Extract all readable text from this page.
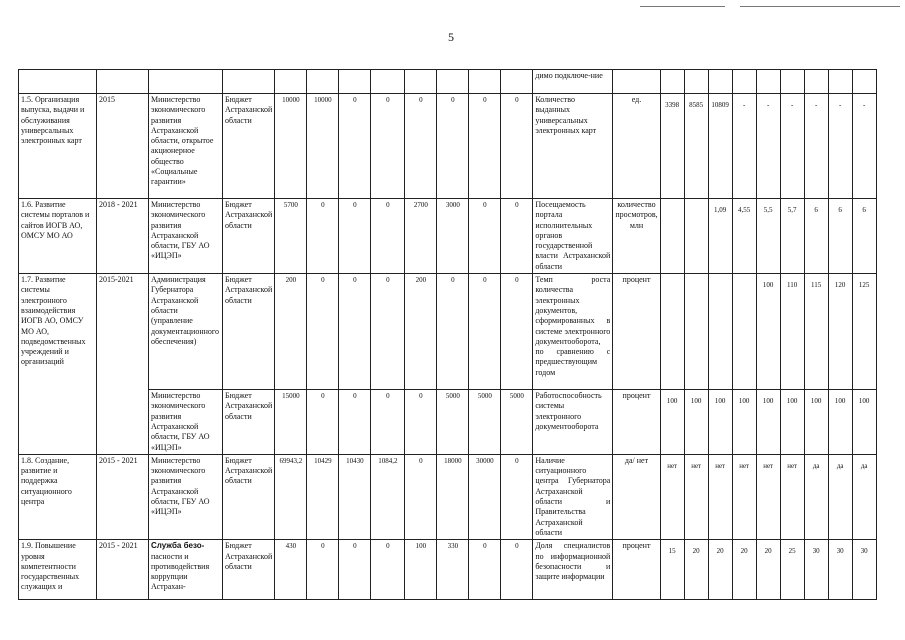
5
												димо подключе-ние										
1.5. Организация выпуска, выдачи и обслуживания универсальных электронных карт	2015	Министерство экономического развития Астраханской области, открытое акционерное общество «Социальные гарантии»	Бюджет Астраханской области	10000	10000	0	0	0	0	0	0	Количество выданных универсальных электронных карт	ед.	3398	8585	10809	-	-	-	-	-	-
1.6. Развитие системы порталов и сайтов ИОГВ АО, ОМСУ МО АО	2018 - 2021	Министерство экономического развития Астраханской области, ГБУ АО «ИЦЭП»	Бюджет Астраханской области	5700	0	0	0	2700	3000	0	0	Посещаемость портала исполнительных органов государственной власти Астраханской области	количество просмотров, млн			1,09	4,55	5,5	5,7	6	6	6
1.7. Развитие системы электронного взаимодействия ИОГВ АО, ОМСУ МО АО, подведомственных учреждений и организаций	2015-2021	Администрация Губернатора Астраханской области (управление документационного обеспечения)	Бюджет Астраханской области	200	0	0	0	200	0	0	0	Темп роста количества электронных документов, сформированных в системе электронного документооборота, по сравнению с предшествующим годом	процент					100	110	115	120	125
		Министерство экономического развития Астраханской области, ГБУ АО «ИЦЭП»	Бюджет Астраханской области	15000	0	0	0	0	5000	5000	5000	Работоспособность системы электронного документооборота	процент	100	100	100	100	100	100	100	100	100
1.8. Создание, развитие и поддержка ситуационного центра	2015 - 2021	Министерство экономического развития Астраханской области, ГБУ АО «ИЦЭП»	Бюджет Астраханской области	69943,2	10429	10430	1084,2	0	18000	30000	0	Наличие ситуационного центра Губернатора Астраханской области и Правительства Астраханской области	да/ нет	нет	нет	нет	нет	нет	нет	да	да	да
1.9. Повышение уровня компетентности государственных служащих и	2015 - 2021	Служба безо- пасности и противодействия коррупции Астрахан-	Бюджет Астраханской области	430	0	0	0	100	330	0	0	Доля специалистов по информационной безопасности и защите информации	процент	15	20	20	20	20	25	30	30	30
